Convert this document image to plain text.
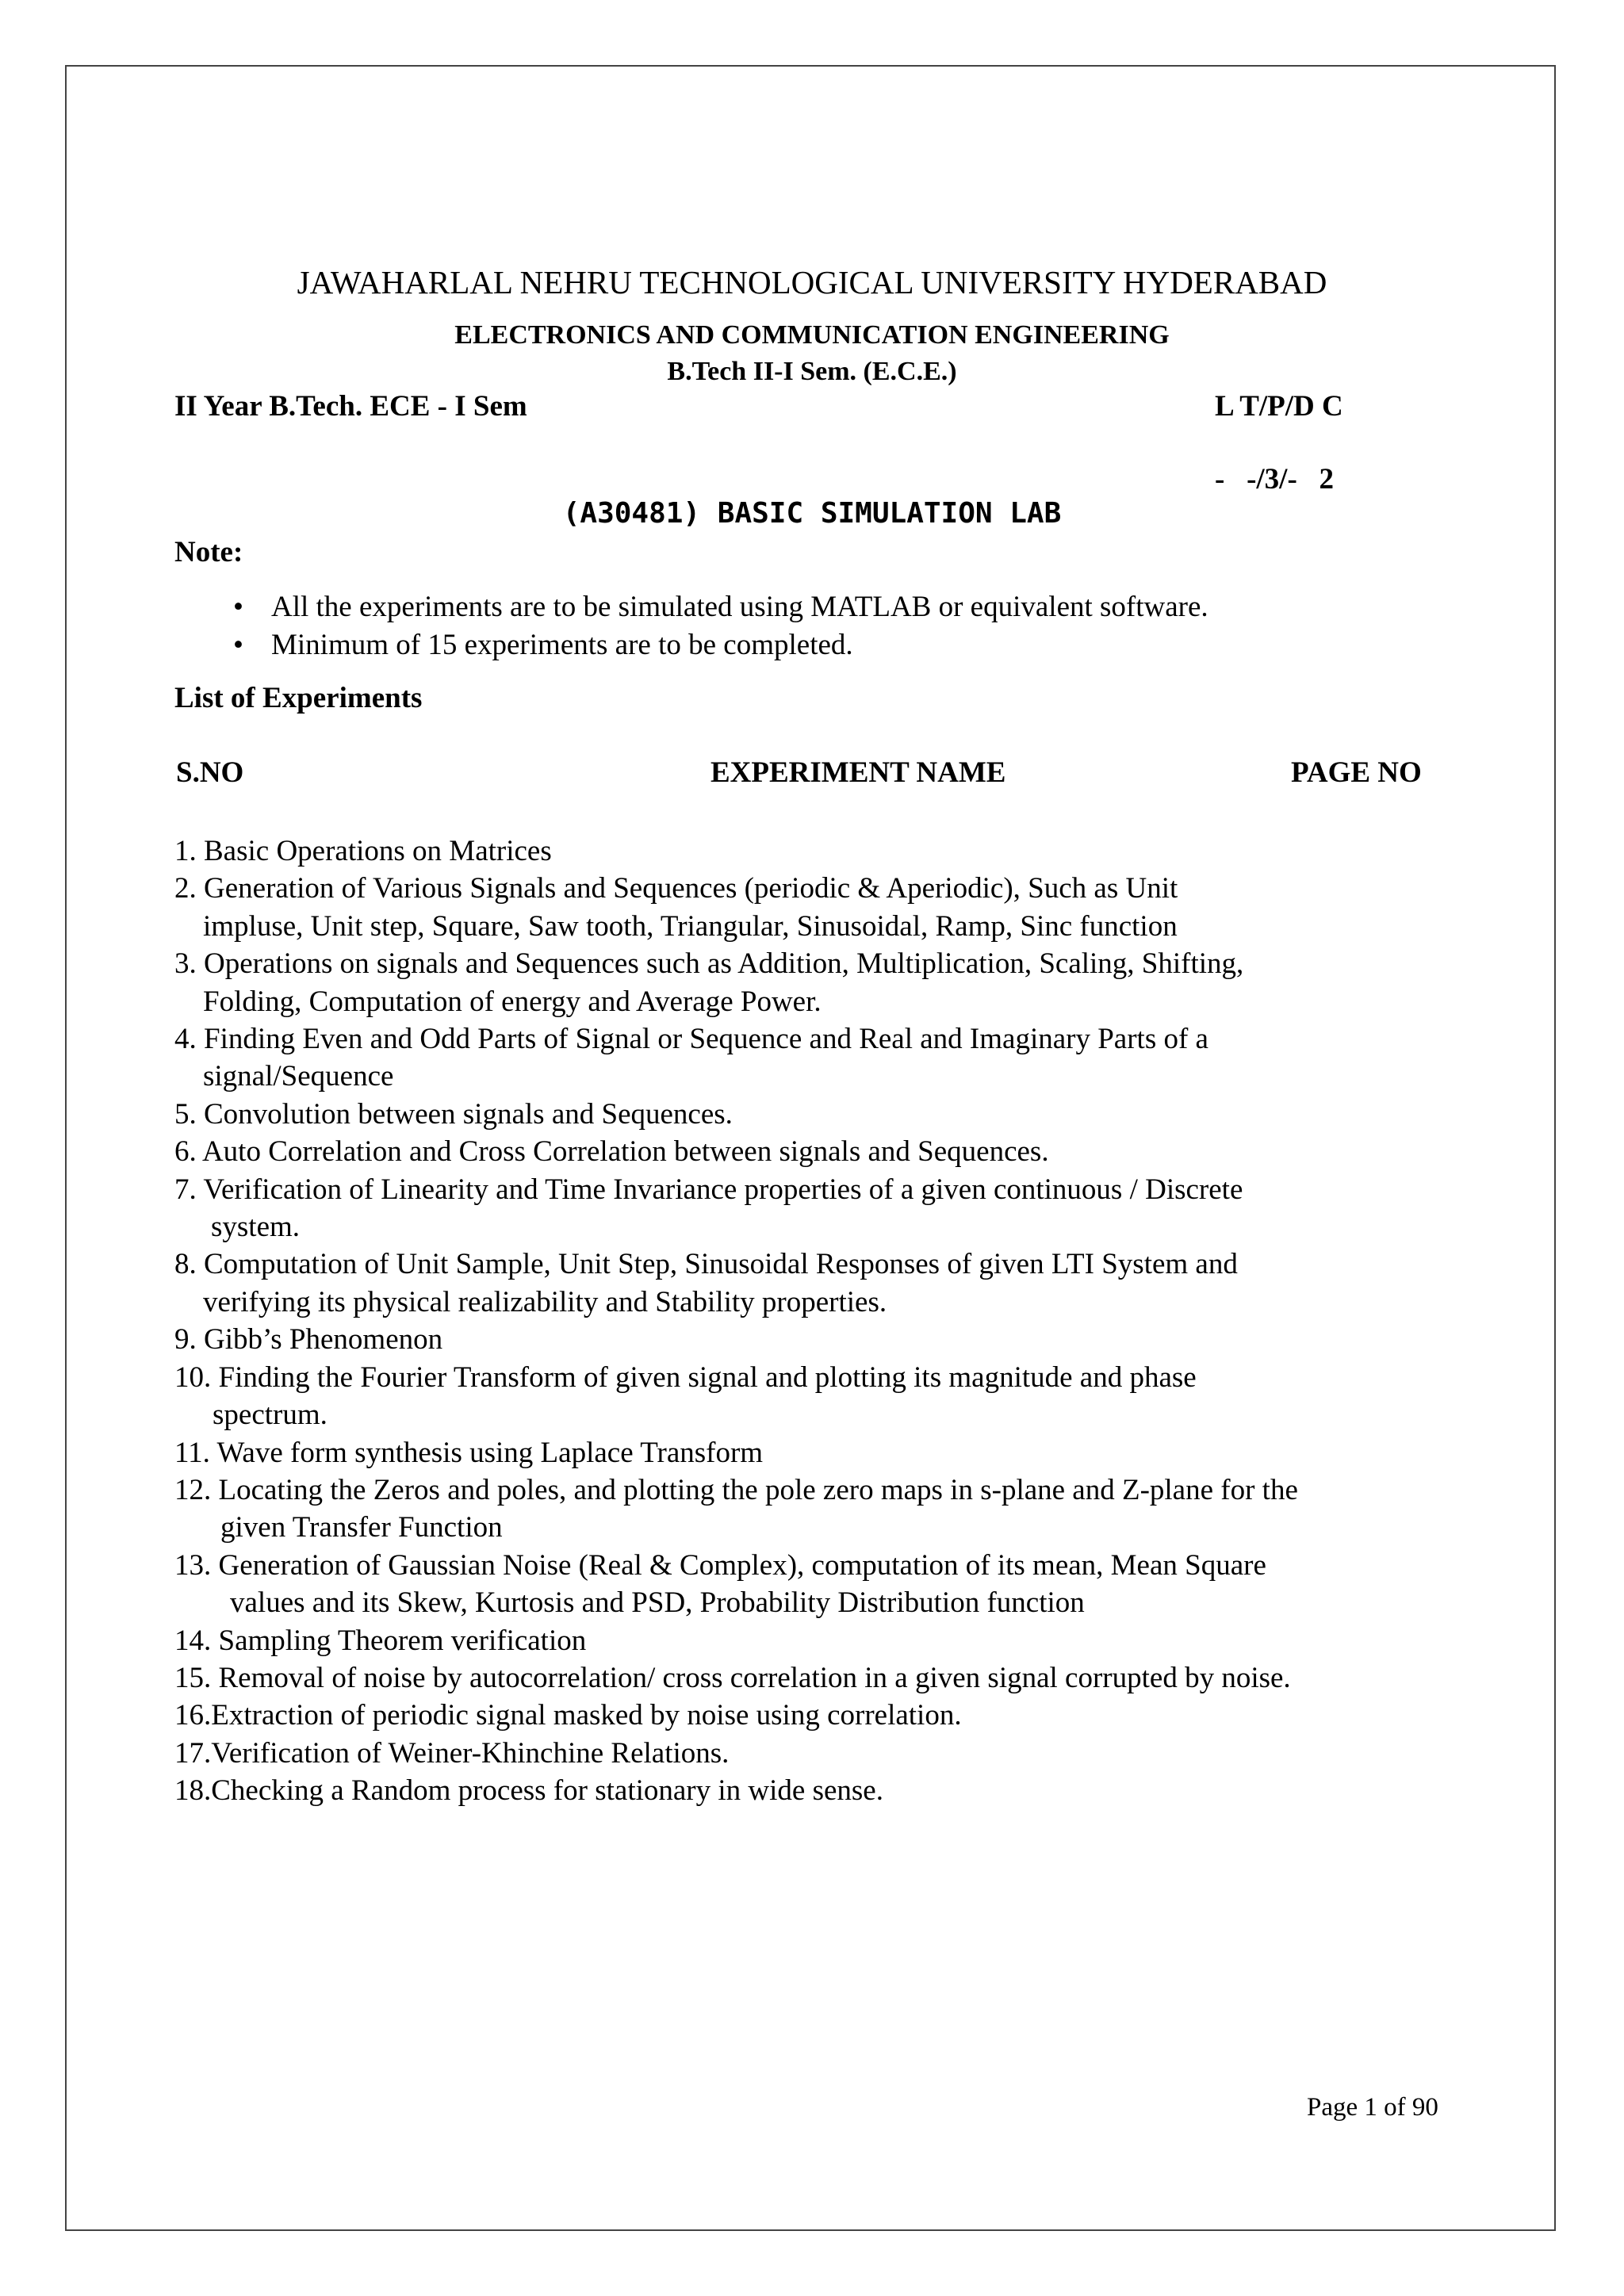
JAWAHARLAL NEHRU TECHNOLOGICAL UNIVERSITY HYDERABAD
ELECTRONICS AND COMMUNICATION ENGINEERING
B.Tech II-I Sem. (E.C.E.)
II Year B.Tech. ECE - I Sem	L T/P/D C
-   -/3/-   2
(A30481) BASIC SIMULATION LAB
Note:
• All the experiments are to be simulated using MATLAB or equivalent software.
• Minimum of 15 experiments are to be completed.
List of Experiments
S.NO	EXPERIMENT NAME	PAGE NO
1. Basic Operations on Matrices
2. Generation of Various Signals and Sequences (periodic & Aperiodic), Such as Unit
impluse, Unit step, Square, Saw tooth, Triangular, Sinusoidal, Ramp, Sinc function
3. Operations on signals and Sequences such as Addition, Multiplication, Scaling, Shifting,
Folding, Computation of energy and Average Power.
4. Finding Even and Odd Parts of Signal or Sequence and Real and Imaginary Parts of a
signal/Sequence
5. Convolution between signals and Sequences.
6. Auto Correlation and Cross Correlation between signals and Sequences.
7. Verification of Linearity and Time Invariance properties of a given continuous / Discrete
system.
8. Computation of Unit Sample, Unit Step, Sinusoidal Responses of given LTI System and
verifying its physical realizability and Stability properties.
9. Gibb’s Phenomenon
10. Finding the Fourier Transform of given signal and plotting its magnitude and phase
spectrum.
11. Wave form synthesis using Laplace Transform
12. Locating the Zeros and poles, and plotting the pole zero maps in s-plane and Z-plane for the
given Transfer Function
13. Generation of Gaussian Noise (Real & Complex), computation of its mean, Mean Square
values and its Skew, Kurtosis and PSD, Probability Distribution function
14. Sampling Theorem verification
15. Removal of noise by autocorrelation/ cross correlation in a given signal corrupted by noise.
16.Extraction of periodic signal masked by noise using correlation.
17.Verification of Weiner-Khinchine Relations.
18.Checking a Random process for stationary in wide sense.
Page 1 of 90
